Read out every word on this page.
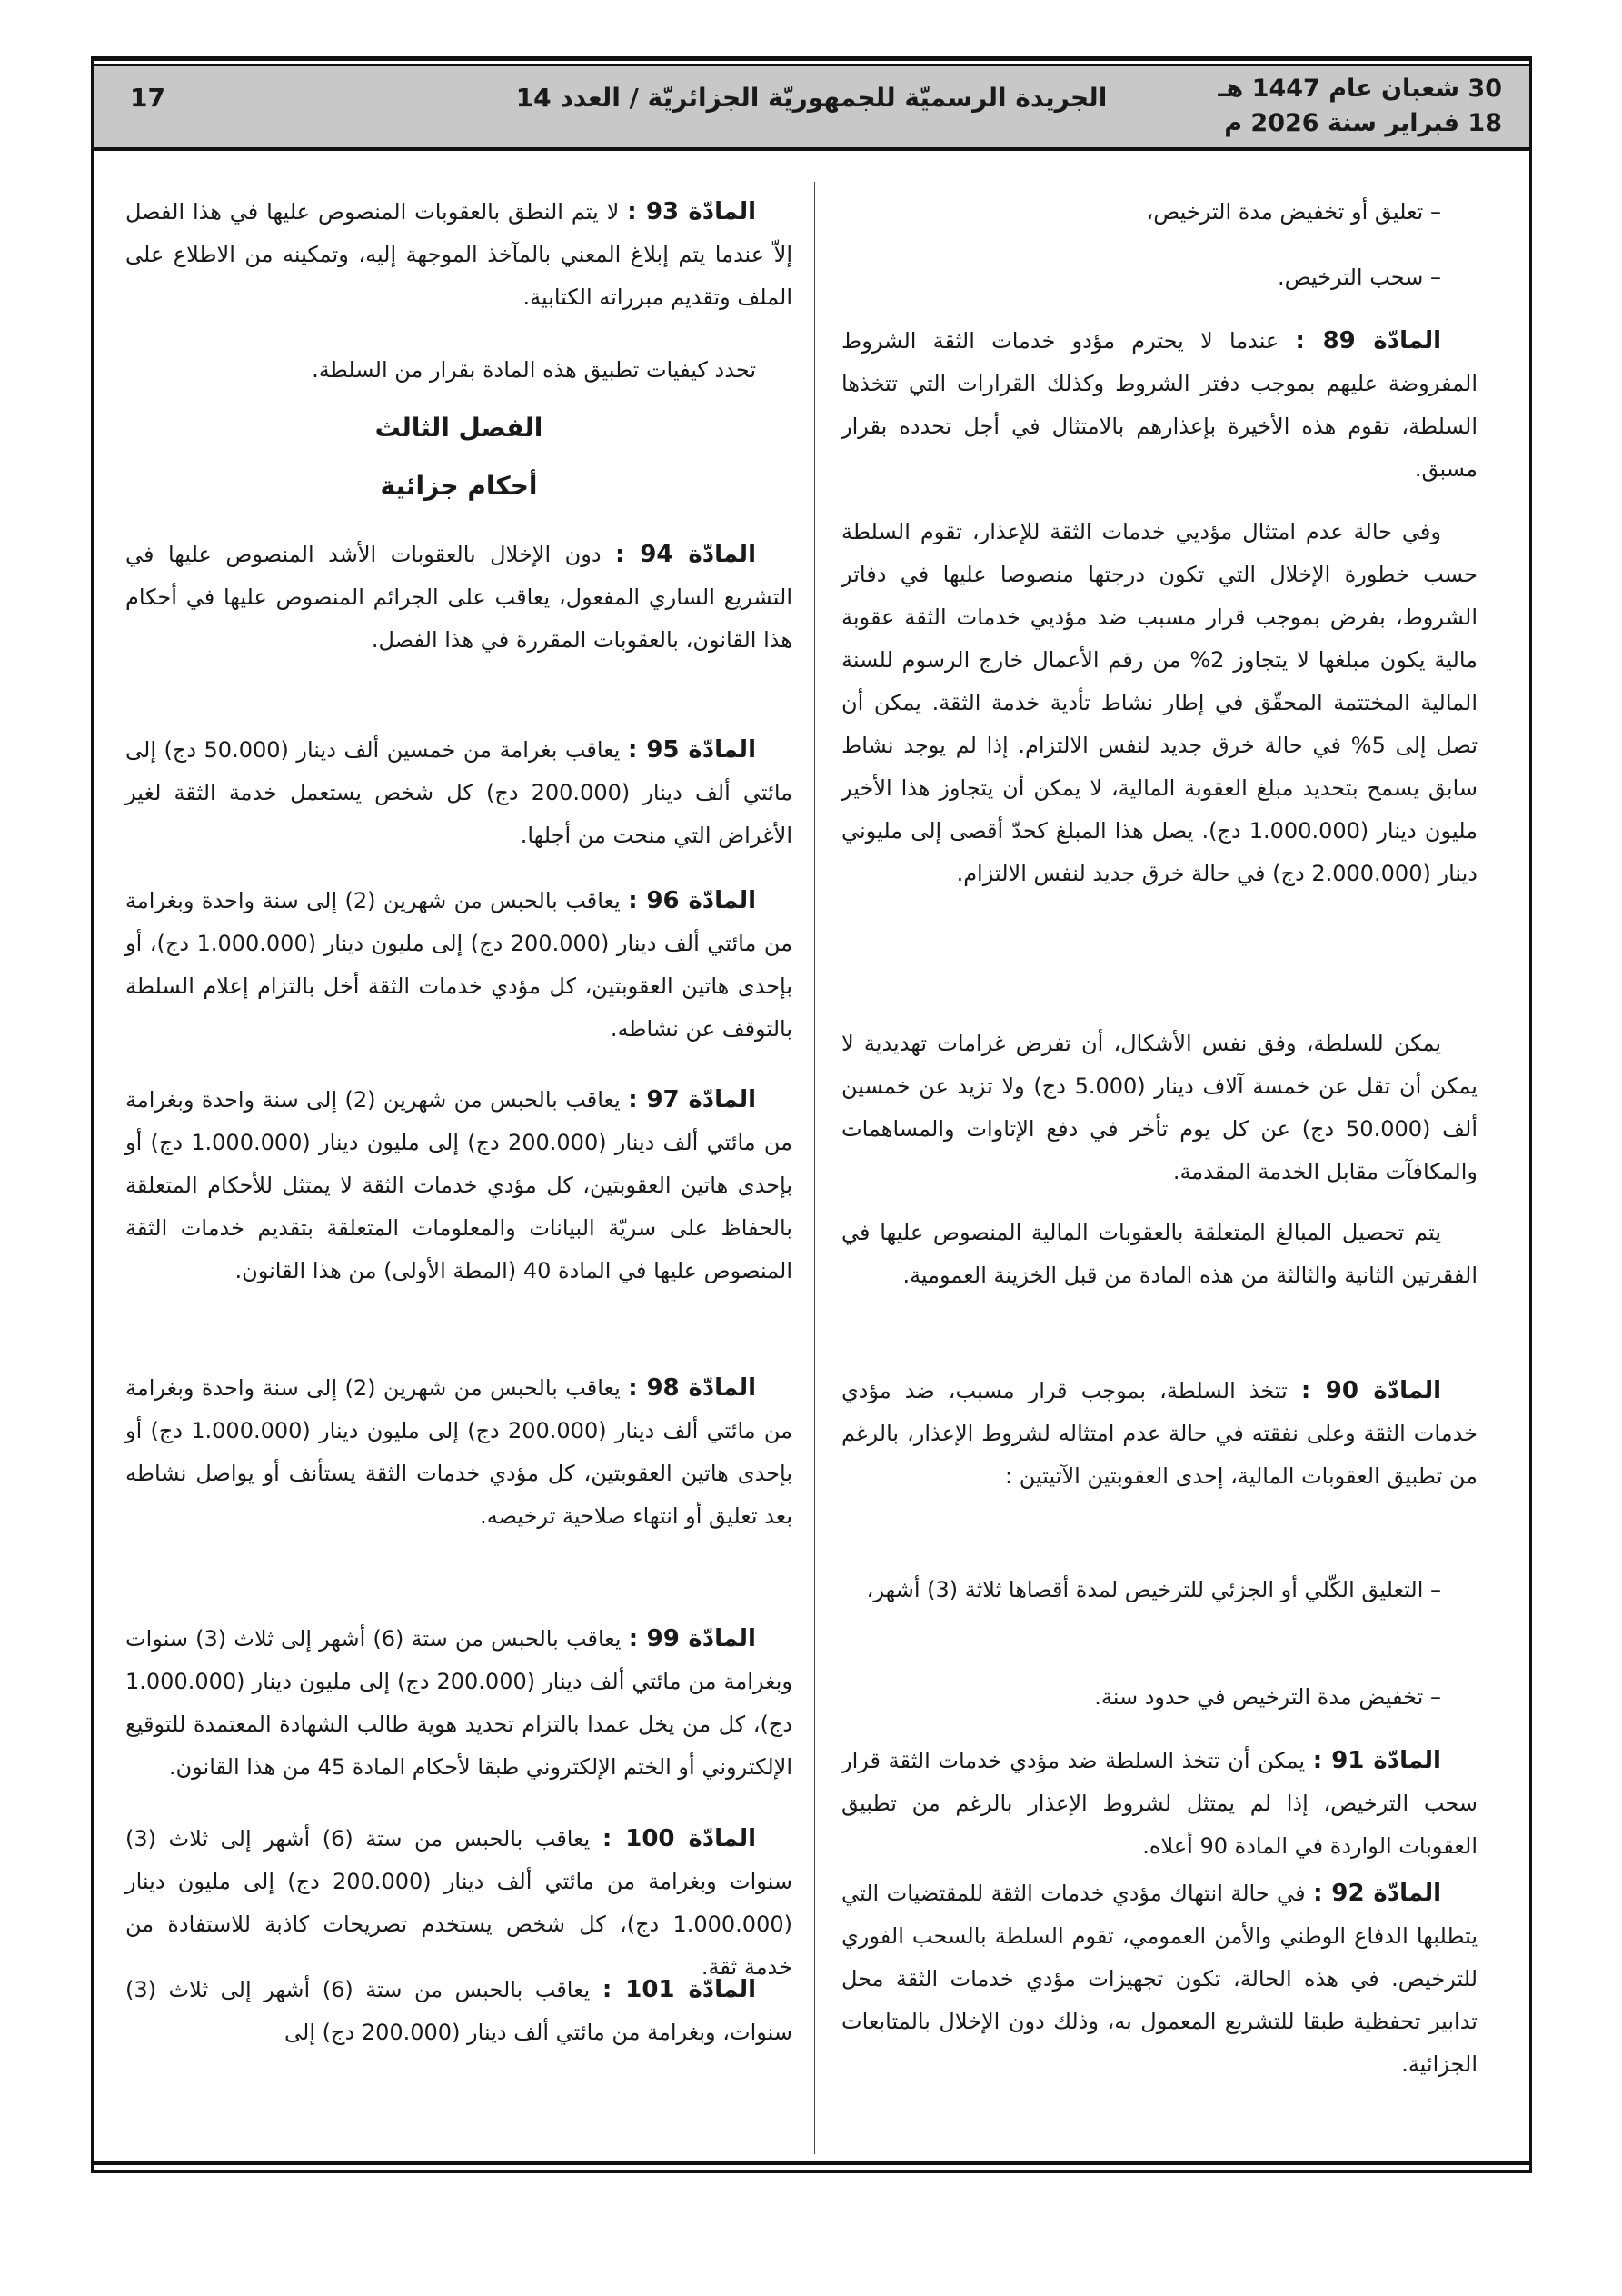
30 شعبان عام 1447 هـ
18 فبراير سنة 2026 م
الجريدة الرسميّة للجمهوريّة الجزائريّة / العدد 14
17
– تعليق أو تخفيض مدة الترخيص،
– سحب الترخيص.
المادّة 89 : عندما لا يحترم مؤدو خدمات الثقة الشروط المفروضة عليهم بموجب دفتر الشروط وكذلك القرارات التي تتخذها السلطة، تقوم هذه الأخيرة بإعذارهم بالامتثال في أجل تحدده بقرار مسبق.
وفي حالة عدم امتثال مؤديي خدمات الثقة للإعذار، تقوم السلطة حسب خطورة الإخلال التي تكون درجتها منصوصا عليها في دفاتر الشروط، بفرض بموجب قرار مسبب ضد مؤديي خدمات الثقة عقوبة مالية يكون مبلغها لا يتجاوز 2% من رقم الأعمال خارج الرسوم للسنة المالية المختتمة المحقّق في إطار نشاط تأدية خدمة الثقة. يمكن أن تصل إلى 5% في حالة خرق جديد لنفس الالتزام. إذا لم يوجد نشاط سابق يسمح بتحديد مبلغ العقوبة المالية، لا يمكن أن يتجاوز هذا الأخير مليون دينار (1.000.000 دج). يصل هذا المبلغ كحدّ أقصى إلى مليوني دينار (2.000.000 دج) في حالة خرق جديد لنفس الالتزام.
يمكن للسلطة، وفق نفس الأشكال، أن تفرض غرامات تهديدية لا يمكن أن تقل عن خمسة آلاف دينار (5.000 دج) ولا تزيد عن خمسين ألف (50.000 دج) عن كل يوم تأخر في دفع الإتاوات والمساهمات والمكافآت مقابل الخدمة المقدمة.
يتم تحصيل المبالغ المتعلقة بالعقوبات المالية المنصوص عليها في الفقرتين الثانية والثالثة من هذه المادة من قبل الخزينة العمومية.
المادّة 90 : تتخذ السلطة، بموجب قرار مسبب، ضد مؤدي خدمات الثقة وعلى نفقته في حالة عدم امتثاله لشروط الإعذار، بالرغم من تطبيق العقوبات المالية، إحدى العقوبتين الآتيتين :
– التعليق الكّلي أو الجزئي للترخيص لمدة أقصاها ثلاثة (3) أشهر،
– تخفيض مدة الترخيص في حدود سنة.
المادّة 91 : يمكن أن تتخذ السلطة ضد مؤدي خدمات الثقة قرار سحب الترخيص، إذا لم يمتثل لشروط الإعذار بالرغم من تطبيق العقوبات الواردة في المادة 90 أعلاه.
المادّة 92 : في حالة انتهاك مؤدي خدمات الثقة للمقتضيات التي يتطلبها الدفاع الوطني والأمن العمومي، تقوم السلطة بالسحب الفوري للترخيص. في هذه الحالة، تكون تجهيزات مؤدي خدمات الثقة محل تدابير تحفظية طبقا للتشريع المعمول به، وذلك دون الإخلال بالمتابعات الجزائية.
المادّة 93 : لا يتم النطق بالعقوبات المنصوص عليها في هذا الفصل إلاّ عندما يتم إبلاغ المعني بالمآخذ الموجهة إليه، وتمكينه من الاطلاع على الملف وتقديم مبرراته الكتابية.
تحدد كيفيات تطبيق هذه المادة بقرار من السلطة.
الفصل الثالث
أحكام جزائية
المادّة 94 : دون الإخلال بالعقوبات الأشد المنصوص عليها في التشريع الساري المفعول، يعاقب على الجرائم المنصوص عليها في أحكام هذا القانون، بالعقوبات المقررة في هذا الفصل.
المادّة 95 : يعاقب بغرامة من خمسين ألف دينار (50.000 دج) إلى مائتي ألف دينار (200.000 دج) كل شخص يستعمل خدمة الثقة لغير الأغراض التي منحت من أجلها.
المادّة 96 : يعاقب بالحبس من شهرين (2) إلى سنة واحدة وبغرامة من مائتي ألف دينار (200.000 دج) إلى مليون دينار (1.000.000 دج)، أو بإحدى هاتين العقوبتين، كل مؤدي خدمات الثقة أخل بالتزام إعلام السلطة بالتوقف عن نشاطه.
المادّة 97 : يعاقب بالحبس من شهرين (2) إلى سنة واحدة وبغرامة من مائتي ألف دينار (200.000 دج) إلى مليون دينار (1.000.000 دج) أو بإحدى هاتين العقوبتين، كل مؤدي خدمات الثقة لا يمتثل للأحكام المتعلقة بالحفاظ على سريّة البيانات والمعلومات المتعلقة بتقديم خدمات الثقة المنصوص عليها في المادة 40 (المطة الأولى) من هذا القانون.
المادّة 98 : يعاقب بالحبس من شهرين (2) إلى سنة واحدة وبغرامة من مائتي ألف دينار (200.000 دج) إلى مليون دينار (1.000.000 دج) أو بإحدى هاتين العقوبتين، كل مؤدي خدمات الثقة يستأنف أو يواصل نشاطه بعد تعليق أو انتهاء صلاحية ترخيصه.
المادّة 99 : يعاقب بالحبس من ستة (6) أشهر إلى ثلاث (3) سنوات وبغرامة من مائتي ألف دينار (200.000 دج) إلى مليون دينار (1.000.000 دج)، كل من يخل عمدا بالتزام تحديد هوية طالب الشهادة المعتمدة للتوقيع الإلكتروني أو الختم الإلكتروني طبقا لأحكام المادة 45 من هذا القانون.
المادّة 100 : يعاقب بالحبس من ستة (6) أشهر إلى ثلاث (3) سنوات وبغرامة من مائتي ألف دينار (200.000 دج) إلى مليون دينار (1.000.000 دج)، كل شخص يستخدم تصريحات كاذبة للاستفادة من خدمة ثقة.
المادّة 101 : يعاقب بالحبس من ستة (6) أشهر إلى ثلاث (3) سنوات، وبغرامة من مائتي ألف دينار (200.000 دج) إلى
